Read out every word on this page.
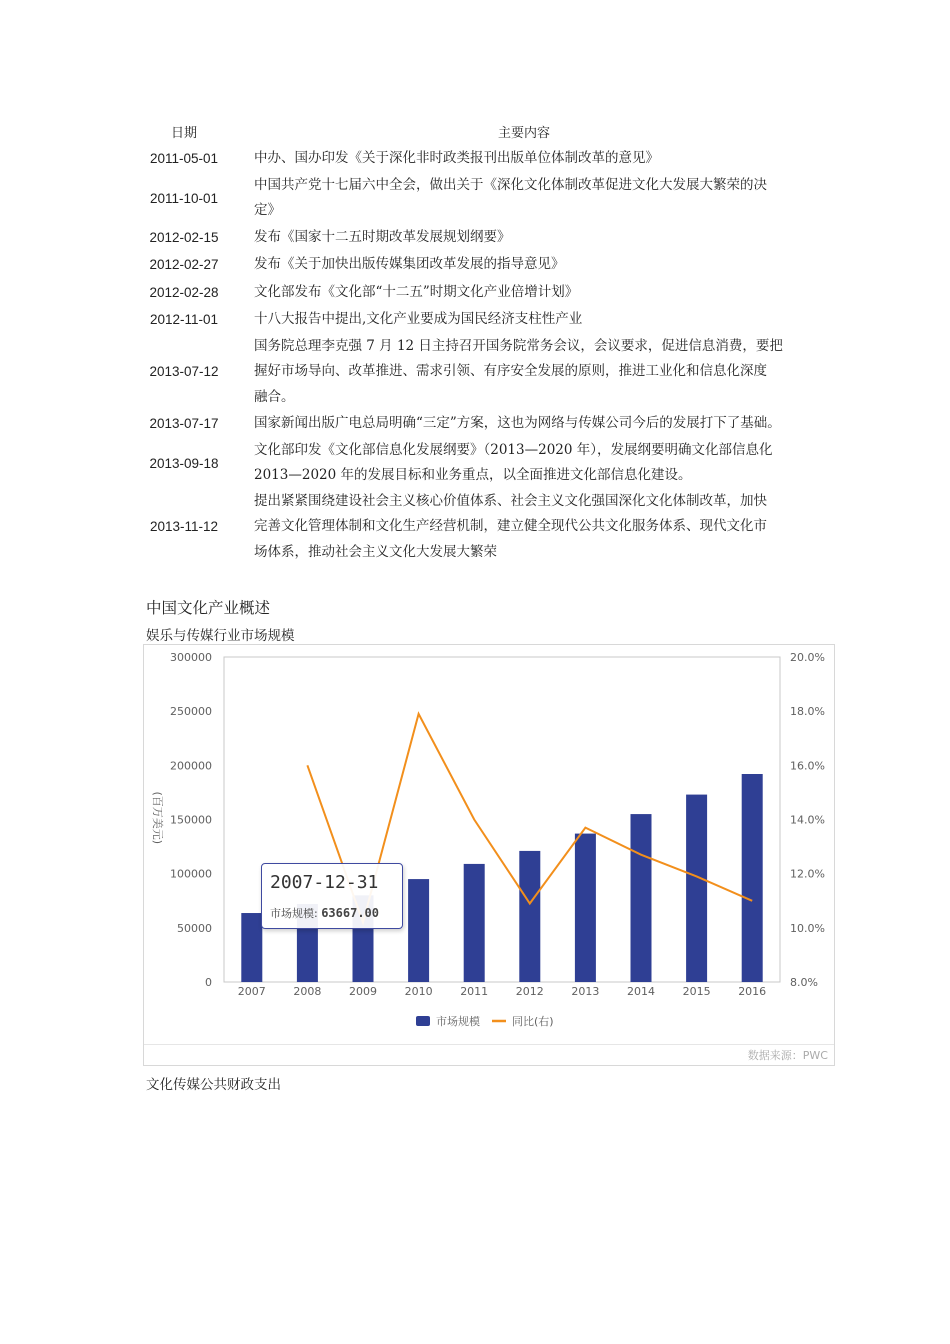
日期	主要内容
2011-05-01	中办、国办印发《关于深化非时政类报刊出版单位体制改革的意见》

2011-10-01	中国共产党十七届六中全会，做出关于《深化文化体制改革促进文化大发展大繁荣的决
定》

2012-02-15	发布《国家十二五时期改革发展规划纲要》

2012-02-27	发布《关于加快出版传媒集团改革发展的指导意见》

2012-02-28	文化部发布《文化部“十二五”时期文化产业倍增计划》

2012-11-01	十八大报告中提出,文化产业要成为国民经济支柱性产业

2013-07-12	国务院总理李克强 7 月 12 日主持召开国务院常务会议，会议要求，促进信息消费，要把
握好市场导向、改革推进、需求引领、有序安全发展的原则，推进工业化和信息化深度
融合。

2013-07-17	国家新闻出版广电总局明确“三定”方案，这也为网络与传媒公司今后的发展打下了基础。

2013-09-18	文化部印发《文化部信息化发展纲要》（2013—2020 年），发展纲要明确文化部信息化
2013—2020 年的发展目标和业务重点，以全面推进文化部信息化建设。

2013-11-12	提出紧紧围绕建设社会主义核心价值体系、社会主义文化强国深化文化体制改革，加快
完善文化管理体制和文化生产经营机制，建立健全现代公共文化服务体系、现代文化市
场体系，推动社会主义文化大发展大繁荣
中国文化产业概述
娱乐与传媒行业市场规模
0
50000
100000
150000
200000
250000
300000
8.0%
10.0%
12.0%
14.0%
16.0%
18.0%
20.0%
(百万美元)
2007	2008	2009	2010	2011	2012	2013	2014	2015	2016
市场规模	同比(右)
数据来源：PWC
2007-12-31
市场规模: 63667.00
文化传媒公共财政支出
